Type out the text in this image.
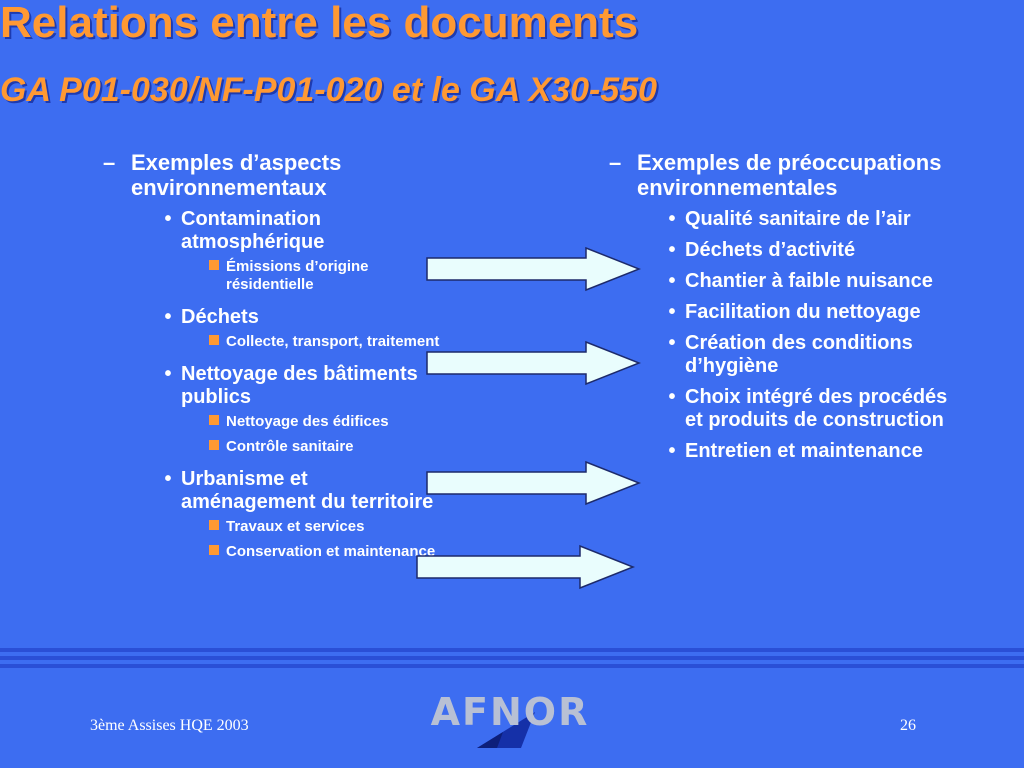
Relations entre les documents
GA P01-030/NF-P01-020 et le GA X30-550
– Exemples d’aspects environnementaux
• Contamination atmosphérique
Émissions d’origine résidentielle
• Déchets
Collecte, transport, traitement
• Nettoyage des bâtiments publics
Nettoyage des édifices
Contrôle sanitaire
• Urbanisme et aménagement du territoire
Travaux et services
Conservation et maintenance
– Exemples de préoccupations environnementales
• Qualité sanitaire de l’air
• Déchets d’activité
• Chantier à faible nuisance
• Facilitation du nettoyage
• Création des conditions d’hygiène
• Choix intégré des procédés et produits de construction
• Entretien et maintenance
3ème Assises HQE 2003	26
AFNOR
